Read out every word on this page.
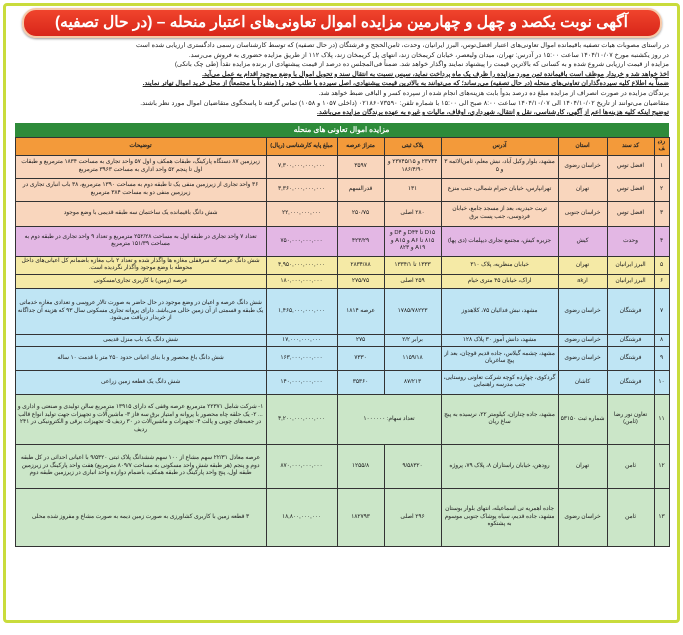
آگهی نوبت یکصد و چهل و چهارمین مزایده اموال تعاونی‌های اعتبار منحله – (در حال تصفیه)

در راستای مصوبات هیات تصفیه باقیمانده اموال تعاونی‌های اعتبار افضل‌توس، البرز ایرانیان، وحدت، ثامن‌الحجج و فرشتگان (در حال تصفیه) که توسط کارشناسان رسمی دادگستری ارزیابی شده است

در روز یکشنبه مورخ ۱۴۰۴/۱۰/۰۷ ساعت ۱۵:۰۰ در آدرس: تهران، میدان ولیعصر، خیابان کریمخان زند، انتهای پل کریمخان زند، پلاک ۱۱۲ از طریق مزایده حضوری به فروش می‌رسد.

مزایده از قیمت ارزیابی شروع شده و به کسانی که بالاترین قیمت را پیشنهاد نمایند واگذار خواهد شد. ضمناً فی‌المجلس ده درصد از قیمت پیشنهادی از برنده مزایده نقداً (طی چک بانکی)

اخذ خواهد شد و خریدار موظف است باقیمانده ثمن مورد مزایده را ظرف یک ماه پرداخت نماید، سپس نسبت به انتقال سند و تحویل اموال با وضع موجود اقدام به عمل می‌آید.

ضمناً به اطلاع کلیه سپرده‌گذاران تعاونی‌های منحله (در حال تصفیه) می‌رساند؛ که می‌توانند به بالاترین قیمت پیشنهادی، اصل سپرده یا طلب خود را (منفرداً یا مجتمعاً) از محل خرید اموال تهاتر نمایند.

برندگان مزایده در صورت انصراف از مزایده مبلغ ده درصد بدواً بابت هزینه‌های انجام شده از سپرده کسر و الباقی ضبط خواهد شد.

متقاضیان می‌توانند از تاریخ ۱۴۰۴/۱۰/۰۲ الی ۱۴۰۴/۱۰/۰۷ ساعت ۸:۰۰ صبح الی ۱۵:۰۰ با شماره تلفن: ۰۲۱۸۶۰۷۳۵۹۰ (داخلی ۱۰۵۷ و ۱۰۵۸) تماس گرفته تا پاسخگوی متقاضیان اموال مورد نظر باشند.

توضیح اینکه کلیه هزینه‌ها اعم از آگهی، کارشناسی، نقل و انتقال، شهرداری، اوقاف، مالیات و غیره به عهده برندگان مزایده می‌باشد.

مزایده اموال تعاونی های منحله
ردیف	کد سند	استان	آدرس	پلاک ثبتی	متراژ عرصه	مبلغ پایه کارشناسی (ریال)	توضیحات
۱	افضل توس	خراسان رضوی	مشهد، بلوار وکیل آباد، نبش معلم، ثامن‌الائمه ۳ و ۵	۲۳۷۴۴ و ۲۳۷۴۵/۱۵ و ۱۸۶/۴/۹۰	۳۵۹۷	۷,۳۰۰,۰۰۰,۰۰۰,۰۰۰	زیرزمین ۸۷ دستگاه پارکینگ، طبقات همکف و اول ۵۷ واحد تجاری به مساحت ۱۸۳۴ مترمربع و طبقات اول تا پنجم ۵۲ واحد اداری به مساحت ۳۹۶۳ مترمربع
۲	افضل توس	تهران	تهرانپارس، خیابان حیرام شمالی، جنب منزع	۱۳۱	قدرالسهم	۳,۳۶۰,۰۰۰,۰۰۰,۰۰۰	۳۶ واحد تجاری از زیرزمین منفی یک تا طبقه دوم به مساحت ۱۳۹۰ مترمربع، ۳۸ باب انباری تجاری در زیرزمین منفی دو به مساحت ۳۸۴ مترمربع
۳	افضل توس	خراسان جنوبی	تربت حیدریه، بعد از مسجد جامع، خیابان فردوسی، جنب پست برق	۲۸۰ اصلی	۲۵۰/۷۵	۲۲,۰۰۰,۰۰۰,۰۰۰	شش دانگ باقیمانده یک ساختمان سه طبقه قدیمی با وضع موجود
۴	وحدت	کیش	جزیره کیش، مجتمع تجاری دیپلمات (دی پها)	D۱۵ تا D۴۴ و D۴ و ۸۱۵ تا A۶ و A۱۵ و A۱۹ و ۸۲۳	۴۲۳/۲۹	۷۵۰,۰۰۰,۰۰۰,۰۰۰	تعداد ۷ واحد تجاری در طبقه اول به مساحت ۲۵۲/۲۸ مترمربع و تعداد ۹ واحد تجاری در طبقه دوم به مساحت ۱۵۱/۳۹ مترمربع
۵	البرز ایرانیان	تهران	خیابان منظریه، پلاک ۳۱۰	۱۳۳۳ تا ۱۳۳۴/۱	۲۸۳۴/۸۸	۴,۹۵۰,۰۰۰,۰۰۰,۰۰۰	شش دانگ عرصه که سرقفلی مغازه ها واگذار شده و تعداد ۲ باب مغازه باضمانم کل اعیانی‌های داخل محوطه با وضع موجود واگذار نگردیده است.
۶	البرز ایرانیان	ارak	اراک، خیابان ۴۵ متری خیام	۲۵۹ اصلی	۲۷۵/۷۵	۱۸۰,۰۰۰,۰۰۰,۰۰۰	عرصه (زمین) با کاربری تجاری/مسکونی
۷	فرشتگان	خراسان رضوی	مشهد، نبش فدائیان ۷۵، کلاهدوز	۱۷۸۵/۷۸۲۲۳	عرصه ۱۸۱۴	۱,۴۶۵,۰۰۰,۰۰۰,۰۰۰	شش دانگ عرصه و اعیان در وضع موجود در حال حاضر به صورت تالار عروسی و تعدادی مغازه خدماتی یک طبقه و قسمتی از آن زمین خالی می‌باشد. دارای پروانه تجاری مسکونی سال ۹۳ که هزینه آن جداگانه از خریدار دریافت می‌شود.
۸	فرشتگان	خراسان رضوی	مشهد، دانش آموز ۳۰ پلاک ۱۲۸	برابر ۲/۲	۲۷۵	۱۷,۰۰۰,۰۰۰,۰۰۰	شش دانگ یک باب منزل قدیمی
۹	فرشتگان	خراسان رضوی	مشهد، چشمه گیلاس، جاده قدیم قوچان، بعد از پیچ ساغریان	۱۱۵۹/۱۸	۷۳۳۰	۱۶۳,۰۰۰,۰۰۰,۰۰۰	شش دانگ باغ محصور و با بنای اعیانی حدود ۲۵۰ متر با قدمت ۱۰ ساله
۱۰	فرشتگان	کاشان	گردکوی، چهارده کوچه شرکت تعاونی روستایی، جنب مدرسه راهنمایی	۸۷/۲۱۳	۳۵۳۶۰	۱۴۰,۰۰۰,۰۰۰,۰۰۰	شش دانگ یک قطعه زمین زراعی
۱۱	تعاون نور رضا (ثامن)	شماره ثبت ۵۳۱۵۰	مشهد، جاده چناران، کیلومتر ۲۲، نرسیده به پیچ ساغ ریان	تعداد سهام: ۱۰۰۰۰۰۰		۴,۲۰۰,۰۰۰,۰۰۰,۰۰۰	۱- شرکت شامل ۲۲۳۷۱ مترمربع عرصه وقفی که دارای ۱۳۹۱۵ مترمربع سالن تولیدی و صنعتی و اداری و ... ۲- یک حلقه چاه محصور با پروانه و امتیاز برق سه فاز ۳- ماشین‌آلات و تجهیزات جهت تولید انواع قالب در جعبه‌های چوبی و پالت ۴- تجهیزات و ماشین‌آلات در ۳۰ ردیف ۵- تجهیزات برقی و الکترونیکی در ۲۴۱ ردیف
۱۲	ثامن	تهران	رودهن، خیابان راستاران ۸، پلاک ۷۹، پروژه	۹/۵۸۳۲۰	۱۲۵۵/۸	۸۷۰,۰۰۰,۰۰۰,۰۰۰	عرصه معادل ۲۲/۳۱ سهم مشاع از ۱۰۰ سهم ششدانگ پلاک ثبتی ۹/۵۳۲۰ با اعیانی احداثی در کل طبقه دوم و پنجم (هر طبقه شش واحد مسکونی به مساحت ۸۰۹/۷ مترمربع) هفت واحد پارکینگ در زیرزمین طبقه اول، پنج واحد پارکینگ در طبقه همکف، باضمام دوازده واحد انباری در زیرزمین طبقه دوم
۱۳	ثامن	خراسان رضوی	جاده اهمریه تی اسماعیله، انتهای بلوار بوستان مشهد، جاده قدیم، سیاه پوشاک جنوبی موسوم به پشتکوه	۲۹۶ اصلی	۱۸۲۷۹۳	۱۸,۸۰۰,۰۰۰,۰۰۰	۳ قطعه زمین با کاربری کشاورزی به صورت زمین دیمه به صورت مشاع و مفروز شده محلی
